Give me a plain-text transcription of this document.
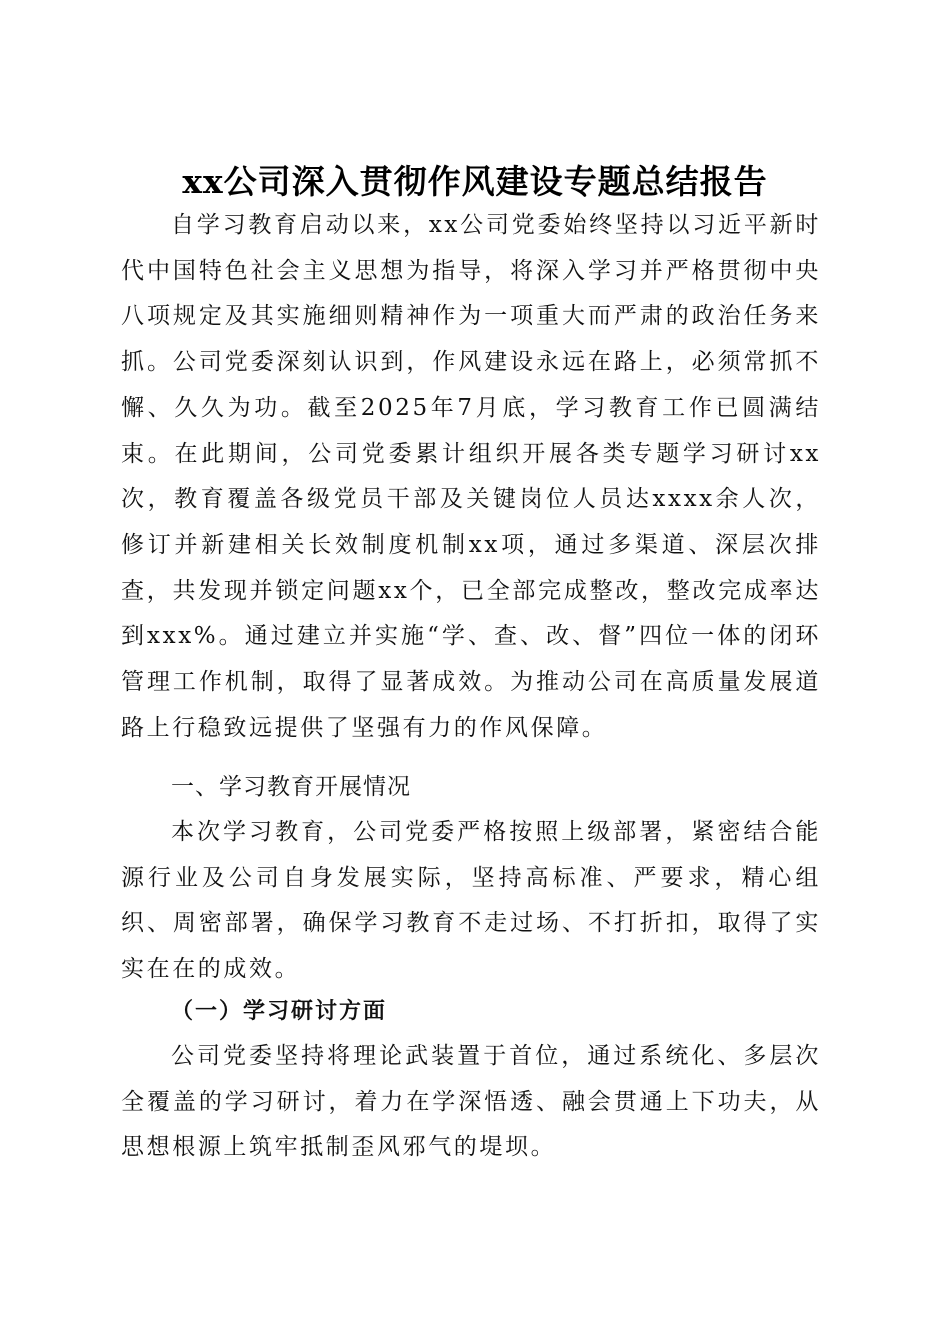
xx公司深入贯彻作风建设专题总结报告

自学习教育启动以来，xx公司党委始终坚持以习近平新时代中国特色社会主义思想为指导，将深入学习并严格贯彻中央八项规定及其实施细则精神作为一项重大而严肃的政治任务来抓。公司党委深刻认识到，作风建设永远在路上，必须常抓不懈、久久为功。截至2025年7月底，学习教育工作已圆满结束。在此期间，公司党委累计组织开展各类专题学习研讨xx次，教育覆盖各级党员干部及关键岗位人员达xxxx余人次，修订并新建相关长效制度机制xx项，通过多渠道、深层次排查，共发现并锁定问题xx个，已全部完成整改，整改完成率达到xxx%。通过建立并实施“学、查、改、督”四位一体的闭环管理工作机制，取得了显著成效。为推动公司在高质量发展道路上行稳致远提供了坚强有力的作风保障。

一、学习教育开展情况

本次学习教育，公司党委严格按照上级部署，紧密结合能源行业及公司自身发展实际，坚持高标准、严要求，精心组织、周密部署，确保学习教育不走过场、不打折扣，取得了实实在在的成效。

（一）学习研讨方面

公司党委坚持将理论武装置于首位，通过系统化、多层次全覆盖的学习研讨，着力在学深悟透、融会贯通上下功夫，从思想根源上筑牢抵制歪风邪气的堤坝。
